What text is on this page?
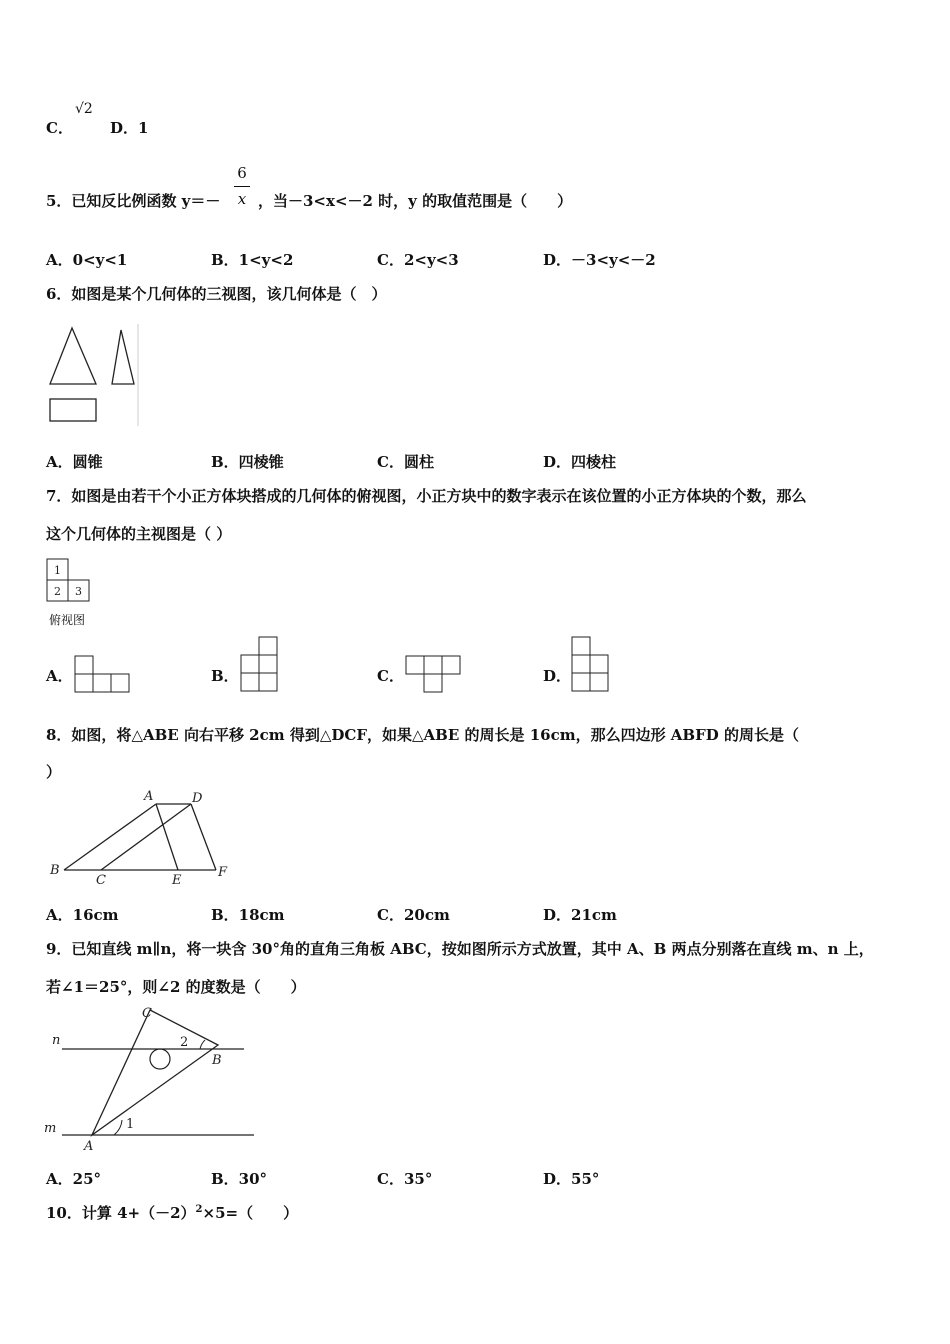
C．
√2
D．1
5．已知反比例函数 y＝－
6
x ，当－3<x<－2 时，y 的取值范围是（　　）
A．0<y<1	B．1<y<2	C．2<y<3	D．－3<y<－2
6．如图是某个几何体的三视图，该几何体是（　）
A．圆锥	B．四棱锥	C．圆柱	D．四棱柱
7．如图是由若干个小正方体块搭成的几何体的俯视图，小正方块中的数字表示在该位置的小正方体块的个数，那么
这个几何体的主视图是（ ）
1
2 3
俯视图
A．	B．	C．	D．
8．如图，将△ABE 向右平移 2cm 得到△DCF，如果△ABE 的周长是 16cm，那么四边形 ABFD 的周长是（
）
A	D
B
C	E
F
A．16cm	B．18cm	C．20cm	D．21cm
9．已知直线 m∥n，将一块含 30°角的直角三角板 ABC，按如图所示方式放置，其中 A、B 两点分别落在直线 m、n 上，
若∠1＝25°，则∠2 的度数是（　　）
n
m
C
B
A
1
2
A．25°	B．30°	C．35°	D．55°
10．计算 $4+(-2)^2\times 5=$（　　）
